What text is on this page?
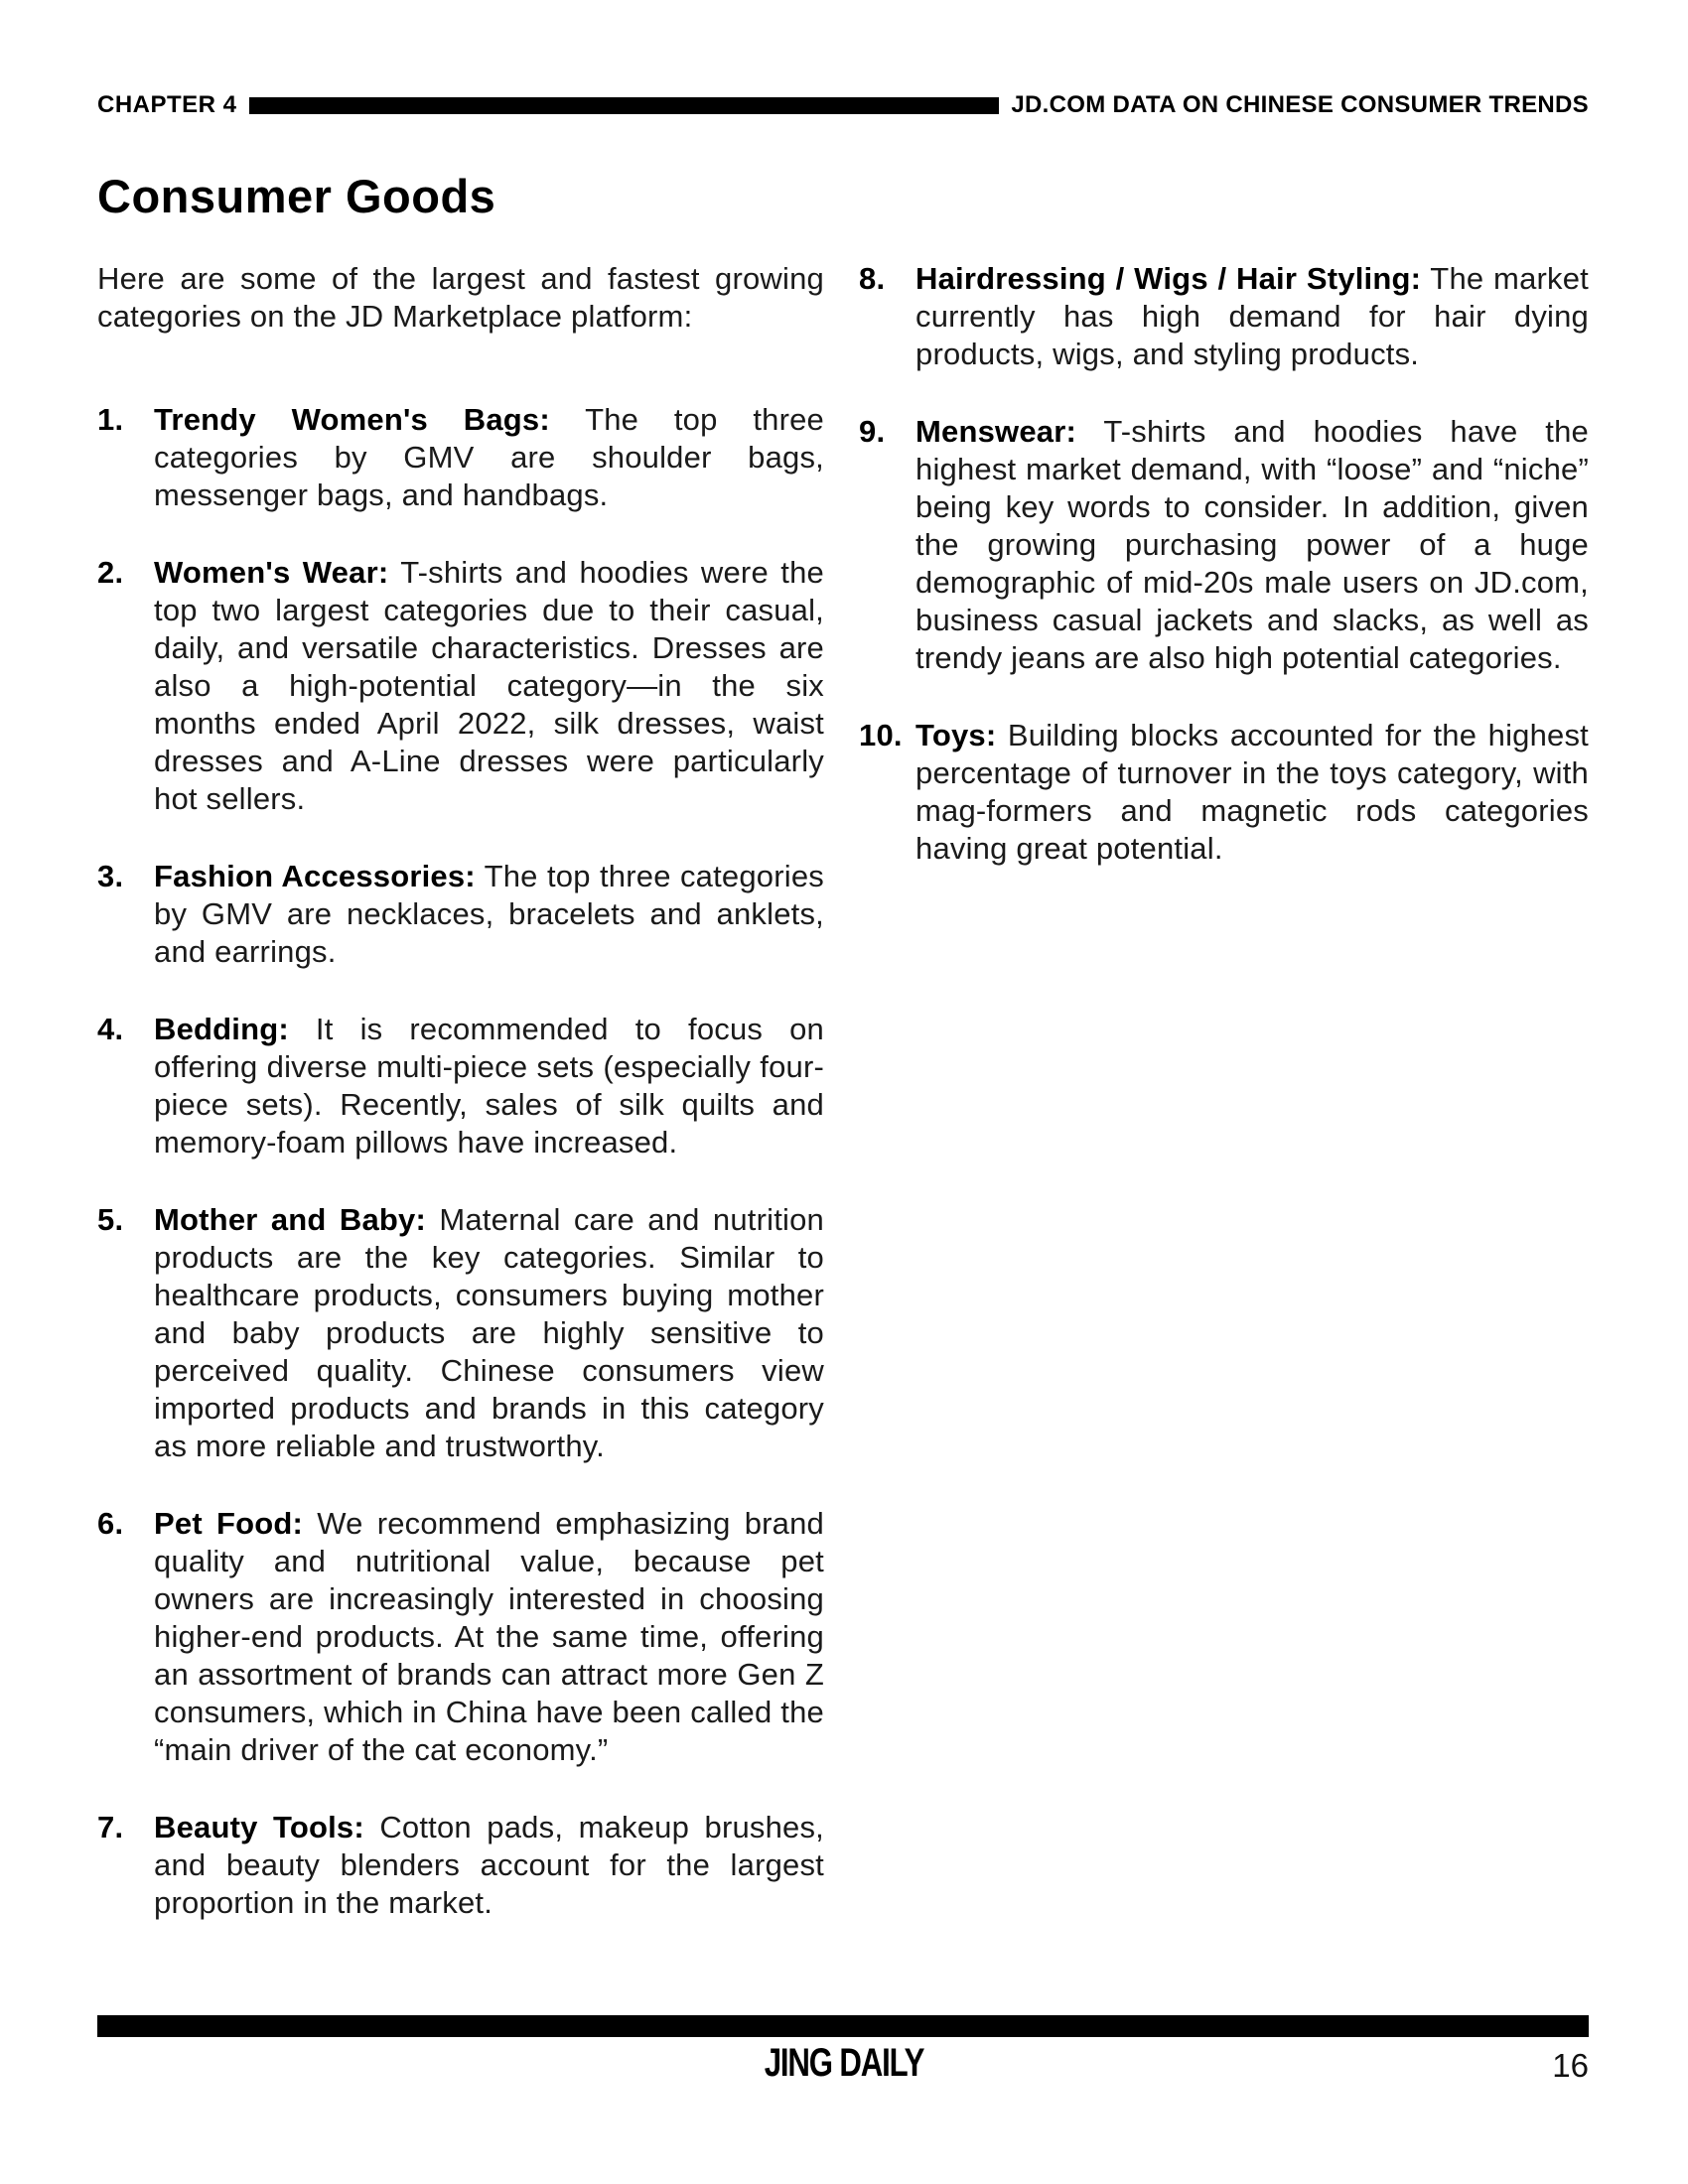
CHAPTER 4	JD.COM DATA ON CHINESE CONSUMER TRENDS
Consumer Goods

Here are some of the largest and fastest growing categories on the JD Marketplace platform:

1. Trendy Women's Bags: The top three categories by GMV are shoulder bags, messenger bags, and handbags.
2. Women's Wear: T-shirts and hoodies were the top two largest categories due to their casual, daily, and versatile characteristics. Dresses are also a high-potential category—in the six months ended April 2022, silk dresses, waist dresses and A-Line dresses were particularly hot sellers.
3. Fashion Accessories: The top three categories by GMV are necklaces, bracelets and anklets, and earrings.
4. Bedding: It is recommended to focus on offering diverse multi-piece sets (especially four-piece sets). Recently, sales of silk quilts and memory-foam pillows have increased.
5. Mother and Baby: Maternal care and nutrition products are the key categories. Similar to healthcare products, consumers buying mother and baby products are highly sensitive to perceived quality. Chinese consumers view imported products and brands in this category as more reliable and trustworthy.
6. Pet Food: We recommend emphasizing brand quality and nutritional value, because pet owners are increasingly interested in choosing higher-end products. At the same time, offering an assortment of brands can attract more Gen Z consumers, which in China have been called the “main driver of the cat economy.”
7. Beauty Tools: Cotton pads, makeup brushes, and beauty blenders account for the largest proportion in the market.
8. Hairdressing / Wigs / Hair Styling: The market currently has high demand for hair dying products, wigs, and styling products.
9. Menswear: T-shirts and hoodies have the highest market demand, with “loose” and “niche” being key words to consider. In addition, given the growing purchasing power of a huge demographic of mid-20s male users on JD.com, business casual jackets and slacks, as well as trendy jeans are also high potential categories.
10. Toys: Building blocks accounted for the highest percentage of turnover in the toys category, with mag-formers and magnetic rods categories having great potential.
JING DAILY	16
